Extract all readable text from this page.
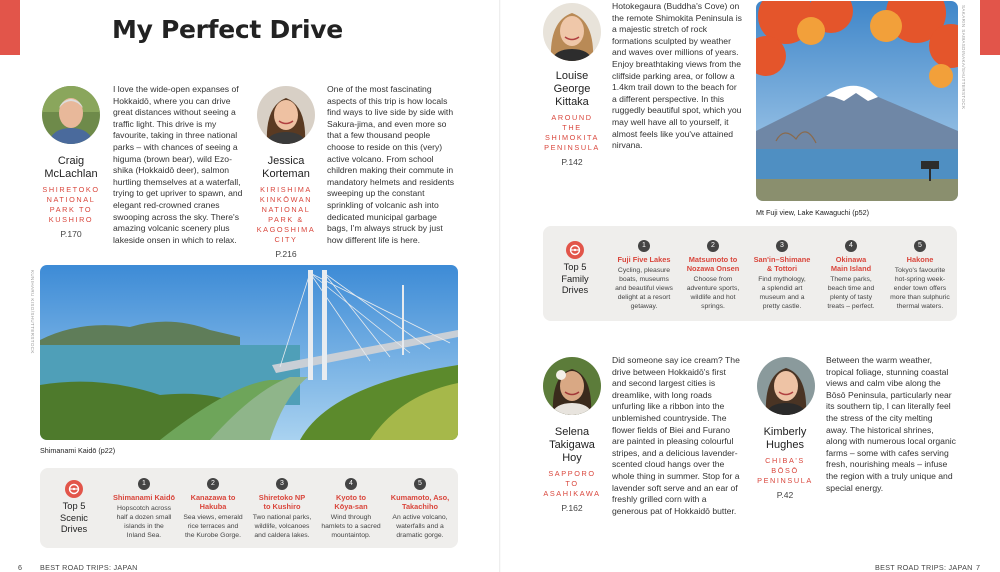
My Perfect Drive
Craig
McLachlan
SHIRETOKO
NATIONAL
PARK TO
KUSHIRO
P.170
I love the wide-open expanses of Hokkaidō, where you can drive great distances without seeing a traffic light. This drive is my favourite, taking in three national parks – with chances of seeing a higuma (brown bear), wild Ezo-shika (Hokkaidō deer), salmon hurtling themselves at a waterfall, trying to get upriver to spawn, and elegant red-crowned cranes swooping across the sky. There's amazing volcanic scenery plus lakeside onsen in which to relax.
Jessica
Korteman
KIRISHIMA
KINKŌWAN
NATIONAL
PARK &
KAGOSHIMA
CITY
P.216
One of the most fascinating aspects of this trip is how locals find ways to live side by side with Sakura-jima, and even more so that a few thousand people choose to reside on this (very) active volcano. From school children making their commute in mandatory helmets and residents sweeping up the constant sprinkling of volcanic ash into dedicated municipal garbage bags, I'm always struck by just how different life is here.
KUNIHARU KISO/SHUTTERSTOCK
Shimanami Kaidō (p22)
Top 5
Scenic
Drives
1
Shimanami Kaidō
Hopscotch across
half a dozen small
islands in the
Inland Sea.
2
Kanazawa to
Hakuba
Sea views, emerald
rice terraces and
the Kurobe Gorge.
3
Shiretoko NP
to Kushiro
Two national parks,
wildlife, volcanoes
and caldera lakes.
4
Kyoto to
Kōya-san
Wind through
hamlets to a sacred
mountaintop.
5
Kumamoto, Aso,
Takachiho
An active volcano,
waterfalls and a
dramatic gorge.
6 BEST ROAD TRIPS: JAPAN
Louise
George
Kittaka
AROUND
THE
SHIMOKITA
PENINSULA
P.142
Hotokegaura (Buddha's Cove) on the remote Shimokita Peninsula is a majestic stretch of rock formations sculpted by weather and waves over millions of years. Enjoy breathtaking views from the cliffside parking area, or follow a 1.4km trail down to the beach for a different perspective. In this ruggedly beautiful spot, which you may well have all to yourself, it almost feels like you've attained nirvana.
SAKARIN SAWASDINAKA/SHUTTERSTOCK
Mt Fuji view, Lake Kawaguchi (p52)
Top 5
Family
Drives
1
Fuji Five Lakes
Cycling, pleasure
boats, museums
and beautiful views
delight at a resort
getaway.
2
Matsumoto to
Nozawa Onsen
Choose from
adventure sports,
wildlife and hot
springs.
3
San'in–Shimane
& Tottori
Find mythology,
a splendid art
museum and a
pretty castle.
4
Okinawa
Main Island
Theme parks,
beach time and
plenty of tasty
treats – perfect.
5
Hakone
Tokyo's favourite
hot-spring week-
ender town offers
more than sulphuric
thermal waters.
Selena
Takigawa
Hoy
SAPPORO
TO
ASAHIKAWA
P.162
Did someone say ice cream? The drive between Hokkaidō's first and second largest cities is dreamlike, with long roads unfurling like a ribbon into the unblemished countryside. The flower fields of Biei and Furano are painted in pleasing colourful stripes, and a delicious lavender-scented cloud hangs over the whole thing in summer. Stop for a lavender soft serve and an ear of freshly grilled corn with a generous pat of Hokkaidō butter.
Kimberly
Hughes
CHIBA'S
BŌSŌ
PENINSULA
P.42
Between the warm weather, tropical foliage, stunning coastal views and calm vibe along the Bōsō Peninsula, particularly near its southern tip, I can literally feel the stress of the city melting away. The historical shrines, along with numerous local organic farms – some with cafes serving fresh, nourishing meals – infuse the region with a truly unique and special energy.
BEST ROAD TRIPS: JAPAN 7
